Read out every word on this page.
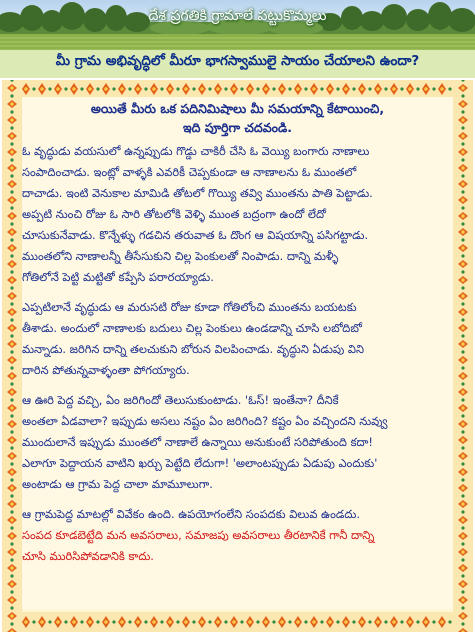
దేశ ప్రగతికి గ్రామాలే పట్టుకొమ్మలు
మీ గ్రామ అభివృద్ధిలో మీరూ భాగస్వాములై సాయం చేయాలని ఉందా?
అయితే మీరు ఒక పదినిమిషాలు మీ సమయాన్ని కేటాయించి,
ఇది పూర్తిగా చదవండి.
ఓ వృద్ధుడు వయసులో ఉన్నప్పుడు గొడ్డు చాకిరీ చేసి ఓ వెయ్యి బంగారు నాణాలు
సంపాదించాడు. ఇంట్లో వాళ్ళకి ఎవరికీ చెప్పకుండా ఆ నాణాలను ఓ ముంతలో
దాచాడు. ఇంటి వెనుకాల మామిడి తోటలో గొయ్యి తవ్వి ముంతను పాతి పెట్టాడు.
అప్పటి నుంచి రోజు ఓ సారి తోటలోకి వెళ్ళి ముంత బద్రంగా ఉందో లేదో
చూసుకునేవాడు. కొన్నేళ్ళు గడచిన తరువాత ఓ దొంగ ఆ విషయాన్ని పసిగట్టాడు.
ముంతలోని నాణాలన్నీ తీసేసుకుని చిల్ల పెంకులతో నింపాడు. దాన్ని మళ్ళీ
గోతిలోనే పెట్టి మట్టితో కప్పేసి పరారయ్యాడు.
ఎప్పటిలానే వృద్ధుడు ఆ మరుసటి రోజు కూడా గోతిలోంచి ముంతను బయటకు
తీశాడు. అందులో నాణాలకు బదులు చిల్ల పెంకులు ఉండడాన్ని చూసి లబోదిబో
మన్నాడు. జరిగిన దాన్ని తలచుకుని బోరున విలపించాడు. వృద్ధుని ఏడుపు విని
దారిన పోతున్నవాళ్ళంతా పోగయ్యారు.
ఆ ఊరి పెద్ద వచ్చి, ఏం జరిగిందో తెలుసుకుంటాడు. 'ఓస్! ఇంతేనా? దీనికే
అంతలా ఏడవాలా? ఇప్పుడు అసలు నష్టం ఏం జరిగింది? కష్టం ఏం వచ్చిందని నువ్వు
ముందులానే ఇప్పుడు ముంతలో నాణాలే ఉన్నాయి అనుకుంటే సరిపోతుంది కదా!
ఎలాగూ పెద్దాయన వాటిని ఖర్చు పెట్టేది లేదుగా! 'అలాంటప్పుడు ఏడుపు ఎందుకు'
అంటాడు ఆ గ్రామ పెద్ద చాలా మామూలుగా.
ఆ గ్రామపెద్ద మాటల్లో వివేకం ఉంది. ఉపయోగంలేని సంపదకు విలువ ఉండదు.
సంపద కూడబెట్టేది మన అవసరాలు, సమాజపు అవసరాలు తీరటానికే గానీ దాన్ని
చూసి మురిసిపోవడానికి కాదు.
